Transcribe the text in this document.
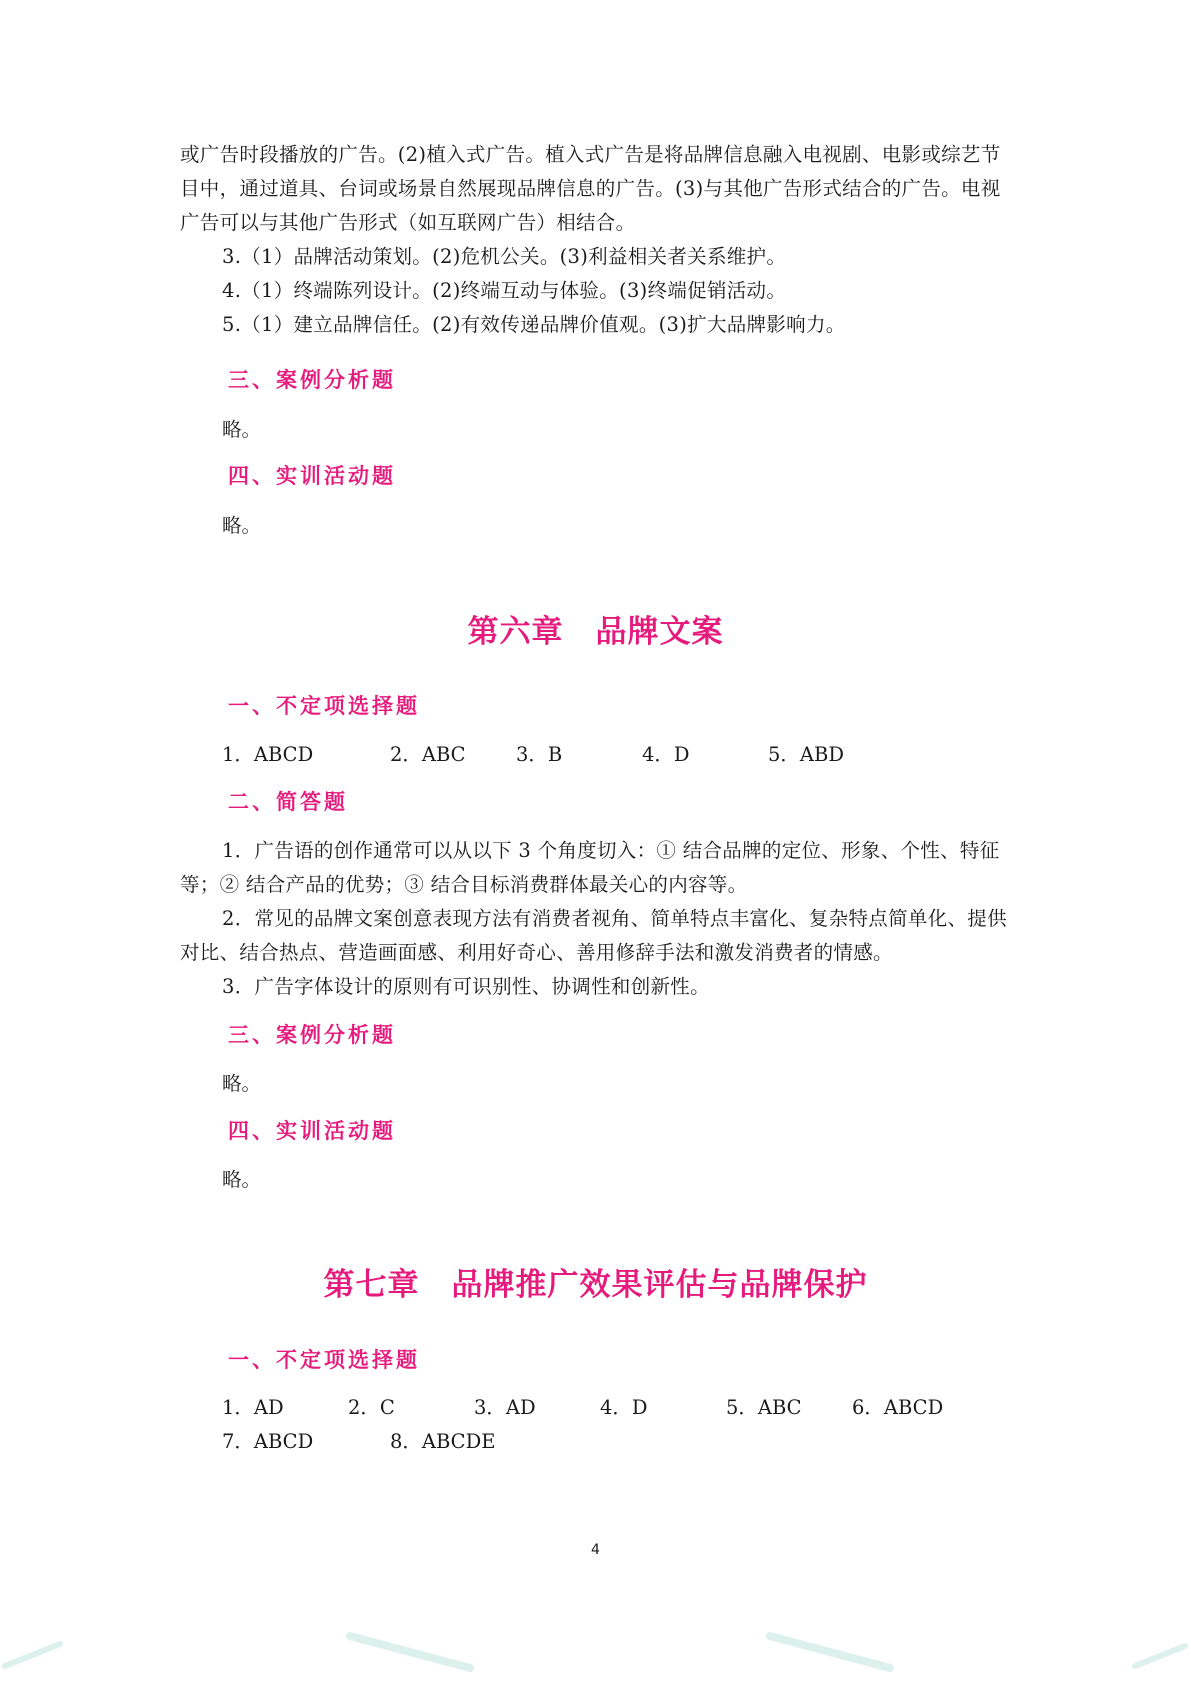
或广告时段播放的广告。(2)植入式广告。植入式广告是将品牌信息融入电视剧、电影或综艺节目中，通过道具、台词或场景自然展现品牌信息的广告。(3)与其他广告形式结合的广告。电视广告可以与其他广告形式（如互联网广告）相结合。

3.（1）品牌活动策划。(2)危机公关。(3)利益相关者关系维护。

4.（1）终端陈列设计。(2)终端互动与体验。(3)终端促销活动。

5.（1）建立品牌信任。(2)有效传递品牌价值观。(3)扩大品牌影响力。

三、案例分析题

略。

四、实训活动题

略。

第六章　品牌文案
一、不定项选择题
1．ABCD	2．ABC	3．B	4．D	5．ABD
二、简答题

1．广告语的创作通常可以从以下 3 个角度切入：① 结合品牌的定位、形象、个性、特征等；② 结合产品的优势；③ 结合目标消费群体最关心的内容等。

2．常见的品牌文案创意表现方法有消费者视角、简单特点丰富化、复杂特点简单化、提供对比、结合热点、营造画面感、利用好奇心、善用修辞手法和激发消费者的情感。

3．广告字体设计的原则有可识别性、协调性和创新性。

三、案例分析题

略。

四、实训活动题

略。

第七章　品牌推广效果评估与品牌保护
一、不定项选择题
1．AD	2．C	3．AD	4．D	5．ABC	6．ABCD
7．ABCD	8．ABCDE

4
